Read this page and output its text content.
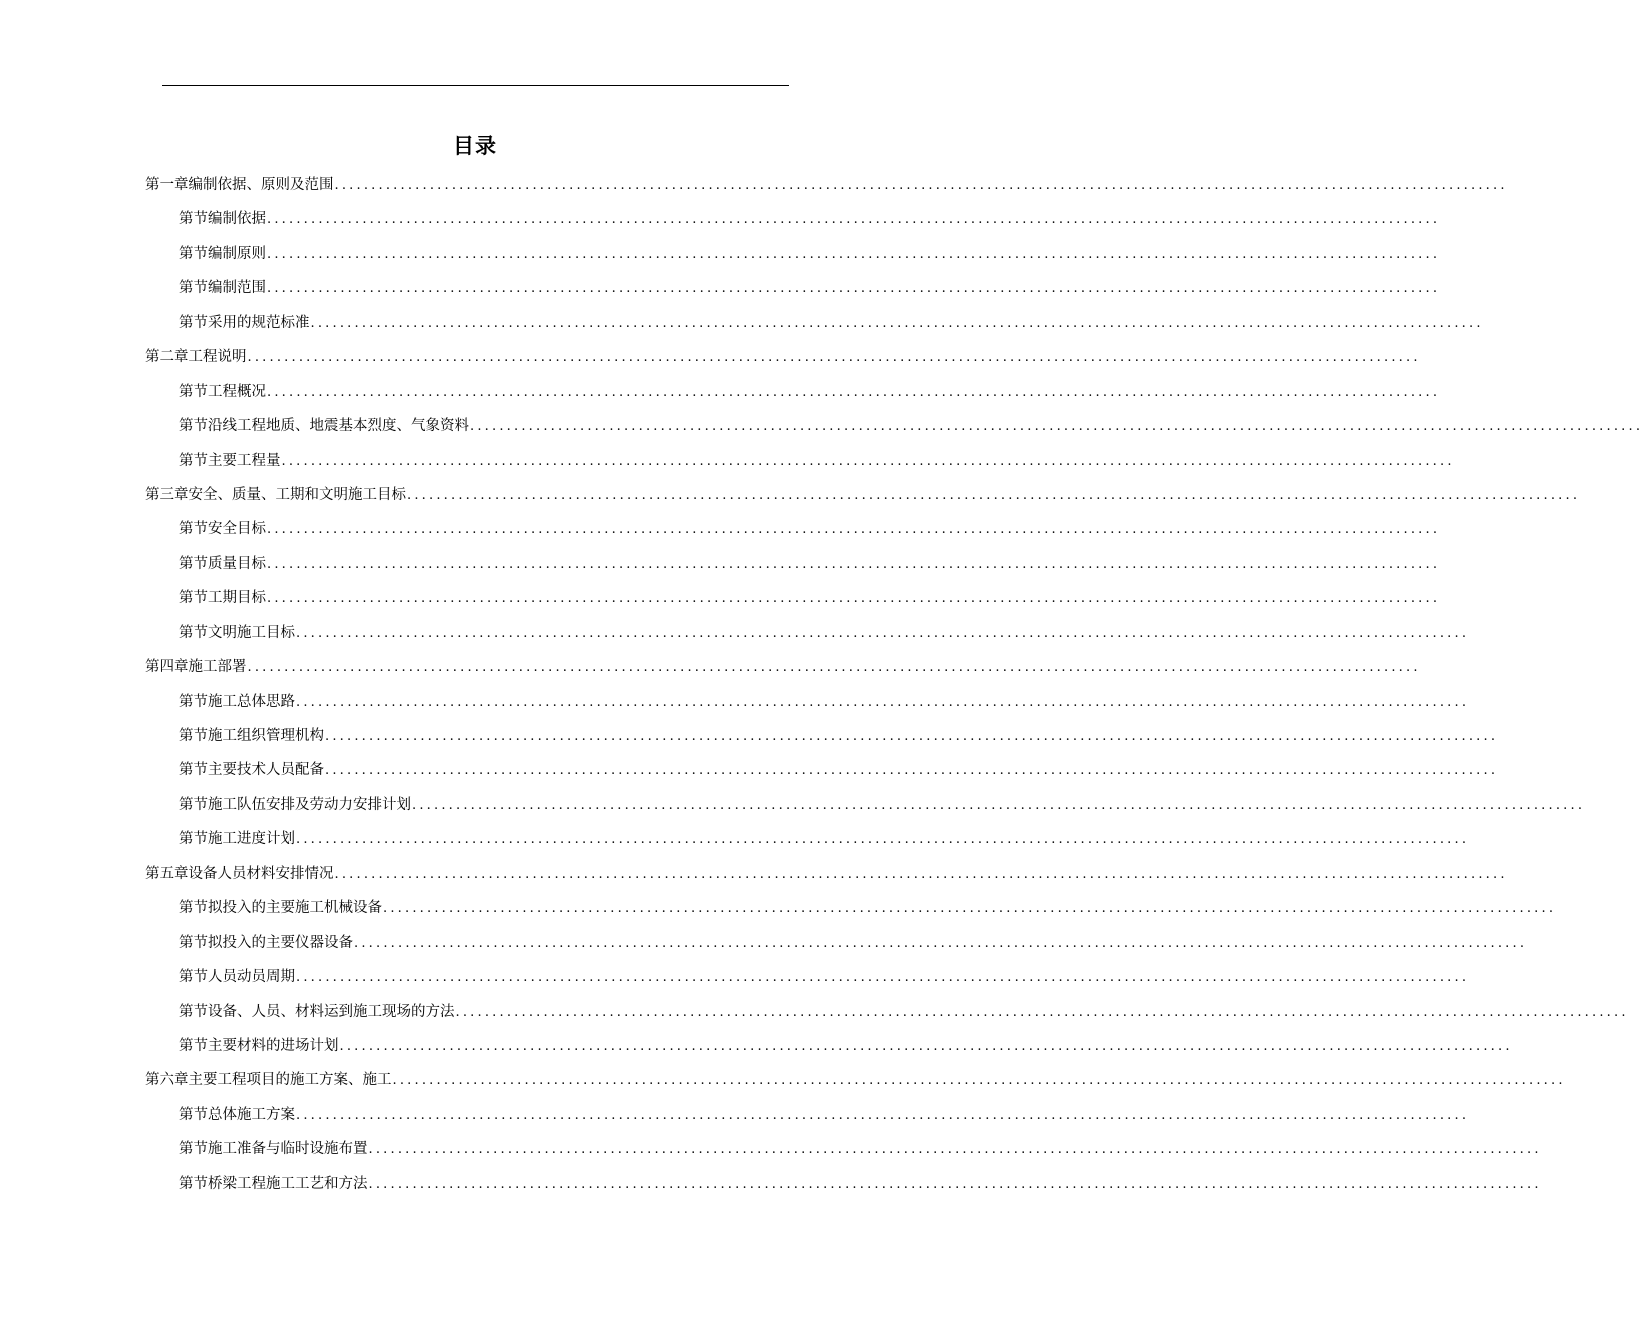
目录
第一章 编制依据、原则及范围 ................................................................................................................................................................
第节 编制依据 ................................................................................................................................................................
第节 编制原则 ................................................................................................................................................................
第节 编制范围 ................................................................................................................................................................
第节 采用的规范标准 ................................................................................................................................................................
第二章 工程说明 ................................................................................................................................................................
第节 工程概况 ................................................................................................................................................................
第节 沿线工程地质、地震基本烈度、气象资料 ................................................................................................................................................................
第节 主要工程量 ................................................................................................................................................................
第三章 安全、质量、工期和文明施工目标 ................................................................................................................................................................
第节 安全目标 ................................................................................................................................................................
第节 质量目标 ................................................................................................................................................................
第节 工期目标 ................................................................................................................................................................
第节 文明施工目标 ................................................................................................................................................................
第四章 施工部署 ................................................................................................................................................................
第节 施工总体思路 ................................................................................................................................................................
第节 施工组织管理机构 ................................................................................................................................................................
第节 主要技术人员配备 ................................................................................................................................................................
第节 施工队伍安排及劳动力安排计划 ................................................................................................................................................................
第节 施工进度计划 ................................................................................................................................................................
第五章 设备人员材料安排情况 ................................................................................................................................................................
第节 拟投入的主要施工机械设备 ................................................................................................................................................................
第节 拟投入的主要仪器设备 ................................................................................................................................................................
第节 人员动员周期 ................................................................................................................................................................
第节 设备、人员、材料运到施工现场的方法 ................................................................................................................................................................
第节 主要材料的进场计划 ................................................................................................................................................................
第六章 主要工程项目的施工方案、施工 ................................................................................................................................................................
第节 总体施工方案 ................................................................................................................................................................
第节 施工准备与临时设施布置 ................................................................................................................................................................
第节 桥梁工程施工工艺和方法 ................................................................................................................................................................
